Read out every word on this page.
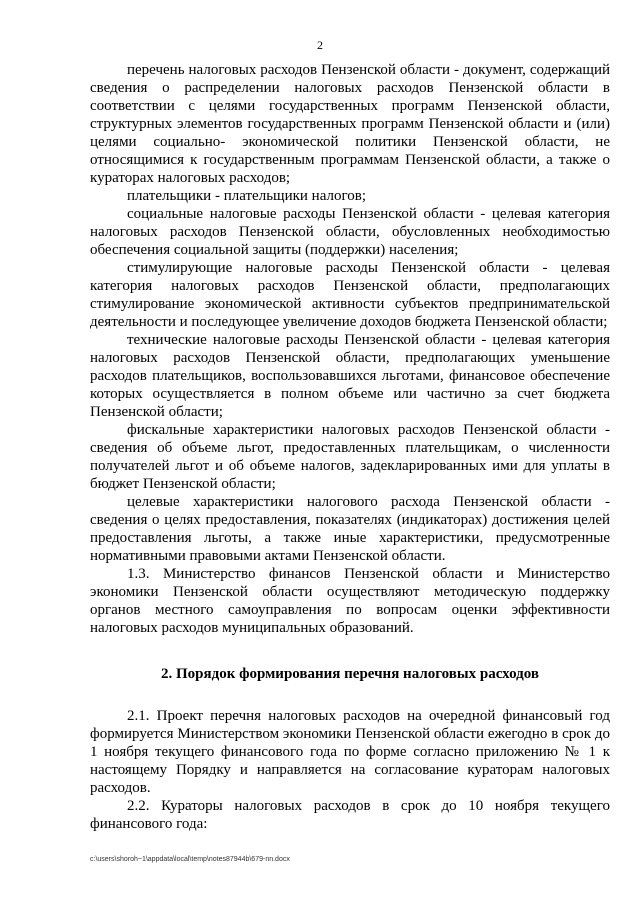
2

перечень налоговых расходов Пензенской области - документ, содержащий сведения о распределении налоговых расходов Пензенской области в соответствии с целями государственных программ Пензенской области, структурных элементов государственных программ Пензенской области и (или) целями социально- экономической политики Пензенской области, не относящимися к государственным программам Пензенской области, а также о кураторах налоговых расходов;

плательщики - плательщики налогов;

социальные налоговые расходы Пензенской области - целевая категория налоговых расходов Пензенской области, обусловленных необходимостью обеспечения социальной защиты (поддержки) населения;

стимулирующие налоговые расходы Пензенской области - целевая категория налоговых расходов Пензенской области, предполагающих стимулирование экономической активности субъектов предпринимательской деятельности и последующее увеличение доходов бюджета Пензенской области;

технические налоговые расходы Пензенской области - целевая категория налоговых расходов Пензенской области, предполагающих уменьшение расходов плательщиков, воспользовавшихся льготами, финансовое обеспечение которых осуществляется в полном объеме или частично за счет бюджета Пензенской области;

фискальные характеристики налоговых расходов Пензенской области - сведения об объеме льгот, предоставленных плательщикам, о численности получателей льгот и об объеме налогов, задекларированных ими для уплаты в бюджет Пензенской области;

целевые характеристики налогового расхода Пензенской области - сведения о целях предоставления, показателях (индикаторах) достижения целей предоставления льготы, а также иные характеристики, предусмотренные нормативными правовыми актами Пензенской области.

1.3. Министерство финансов Пензенской области и Министерство экономики Пензенской области осуществляют методическую поддержку органов местного самоуправления по вопросам оценки эффективности налоговых расходов муниципальных образований.

2. Порядок формирования перечня налоговых расходов

2.1. Проект перечня налоговых расходов на очередной финансовый год формируется Министерством экономики Пензенской области ежегодно в срок до 1 ноября текущего финансового года по форме согласно приложению № 1 к настоящему Порядку и направляется на согласование кураторам налоговых расходов.

2.2. Кураторы налоговых расходов в срок до 10 ноября текущего финансового года:

c:\users\shoroh~1\appdata\local\temp\notes87944b\679-nn.docx
